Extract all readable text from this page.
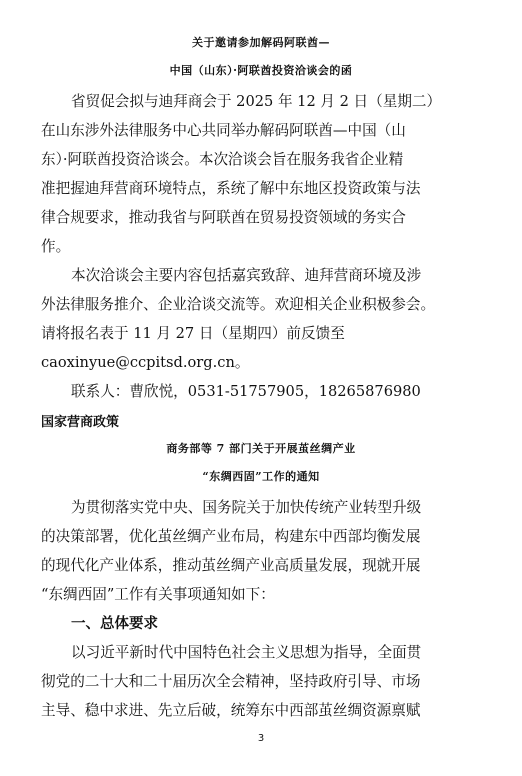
关于邀请参加解码阿联酋—
中国（山东）·阿联酋投资洽谈会的函
省贸促会拟与迪拜商会于 2025 年 12 月 2 日（星期二）
在山东涉外法律服务中心共同举办解码阿联酋—中国（山
东）·阿联酋投资洽谈会。本次洽谈会旨在服务我省企业精
准把握迪拜营商环境特点，系统了解中东地区投资政策与法
律合规要求，推动我省与阿联酋在贸易投资领域的务实合
作。
本次洽谈会主要内容包括嘉宾致辞、迪拜营商环境及涉
外法律服务推介、企业洽谈交流等。欢迎相关企业积极参会。
请将报名表于 11 月 27 日（星期四）前反馈至
caoxinyue@ccpitsd.org.cn。
联系人：曹欣悦，0531-51757905，18265876980
国家营商政策
商务部等 7 部门关于开展茧丝绸产业
“东绸西固”工作的通知
为贯彻落实党中央、国务院关于加快传统产业转型升级
的决策部署，优化茧丝绸产业布局，构建东中西部均衡发展
的现代化产业体系，推动茧丝绸产业高质量发展，现就开展
“东绸西固”工作有关事项通知如下：
一、总体要求
以习近平新时代中国特色社会主义思想为指导，全面贯
彻党的二十大和二十届历次全会精神，坚持政府引导、市场
主导、稳中求进、先立后破，统筹东中西部茧丝绸资源禀赋
3
